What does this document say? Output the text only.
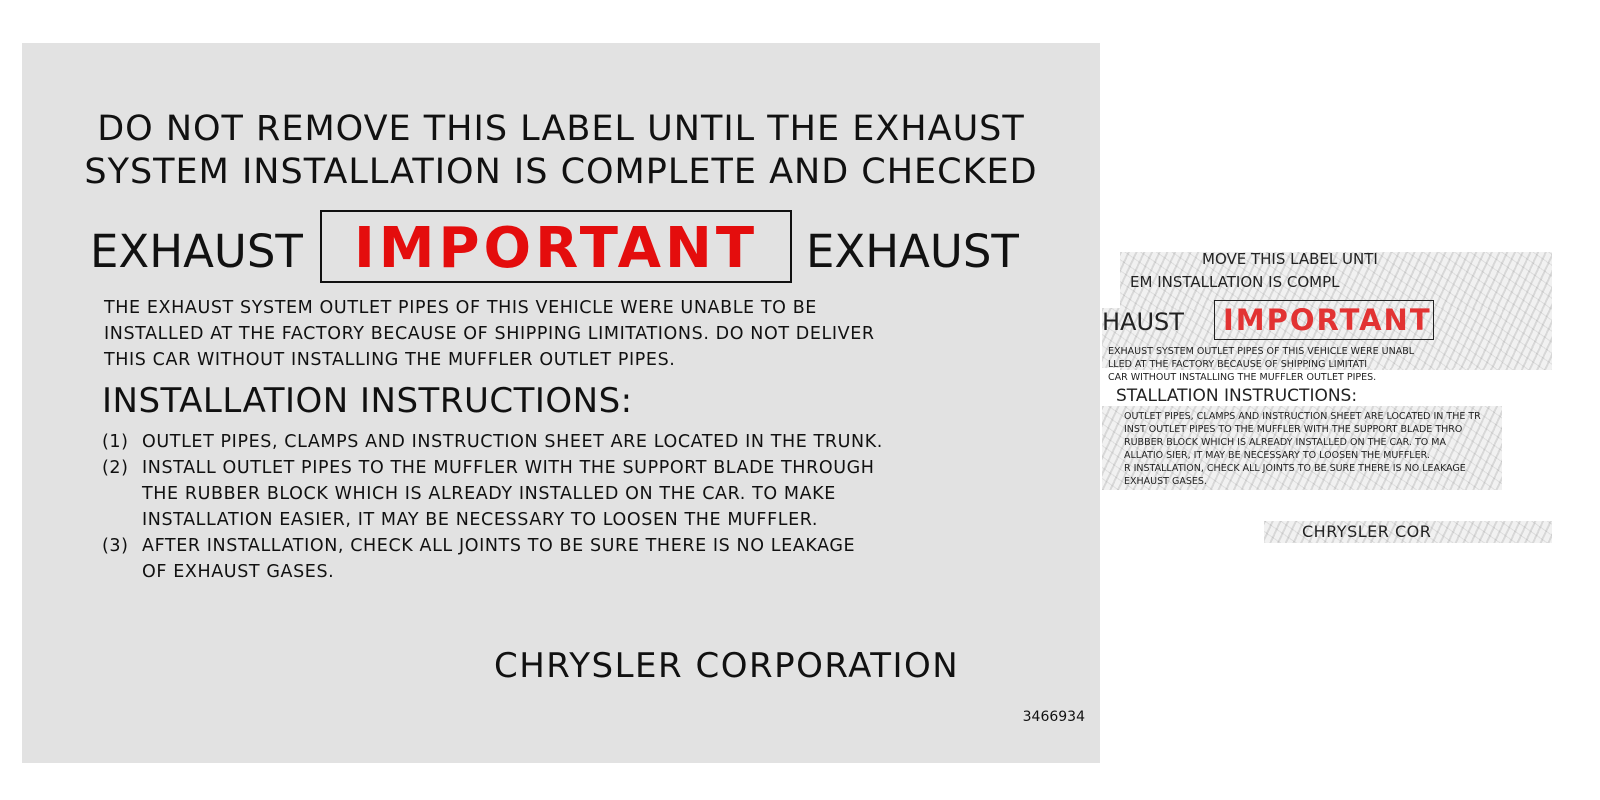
DO NOT REMOVE THIS LABEL UNTIL THE EXHAUST
SYSTEM INSTALLATION IS COMPLETE AND CHECKED
EXHAUST IMPORTANT	EXHAUST
THE EXHAUST SYSTEM OUTLET PIPES OF THIS VEHICLE WERE UNABLE TO BE
INSTALLED AT THE FACTORY BECAUSE OF SHIPPING LIMITATIONS. DO NOT DELIVER
THIS CAR WITHOUT INSTALLING THE MUFFLER OUTLET PIPES.
INSTALLATION INSTRUCTIONS:
(1) OUTLET PIPES, CLAMPS AND INSTRUCTION SHEET ARE LOCATED IN THE TRUNK.
(2) INSTALL OUTLET PIPES TO THE MUFFLER WITH THE SUPPORT BLADE THROUGH
THE RUBBER BLOCK WHICH IS ALREADY INSTALLED ON THE CAR. TO MAKE
INSTALLATION EASIER, IT MAY BE NECESSARY TO LOOSEN THE MUFFLER.
(3) AFTER INSTALLATION, CHECK ALL JOINTS TO BE SURE THERE IS NO LEAKAGE
OF EXHAUST GASES.
CHRYSLER CORPORATION
3466934
MOVE THIS LABEL UNTI
EM INSTALLATION IS COMPL
HAUST IMPORTANT
EXHAUST SYSTEM OUTLET PIPES OF THIS VEHICLE WERE UNABL
LLED AT THE FACTORY BECAUSE OF SHIPPING LIMITATI
CAR WITHOUT INSTALLING THE MUFFLER OUTLET PIPES.
STALLATION INSTRUCTIONS:
OUTLET PIPES, CLAMPS AND INSTRUCTION SHEET ARE LOCATED IN THE TR
INST OUTLET PIPES TO THE MUFFLER WITH THE SUPPORT BLADE THRO
RUBBER BLOCK WHICH IS ALREADY INSTALLED ON THE CAR. TO MA
ALLATIO SIER, IT MAY BE NECESSARY TO LOOSEN THE MUFFLER.
R INSTALLATION, CHECK ALL JOINTS TO BE SURE THERE IS NO LEAKAGE
EXHAUST GASES.
CHRYSLER COR
